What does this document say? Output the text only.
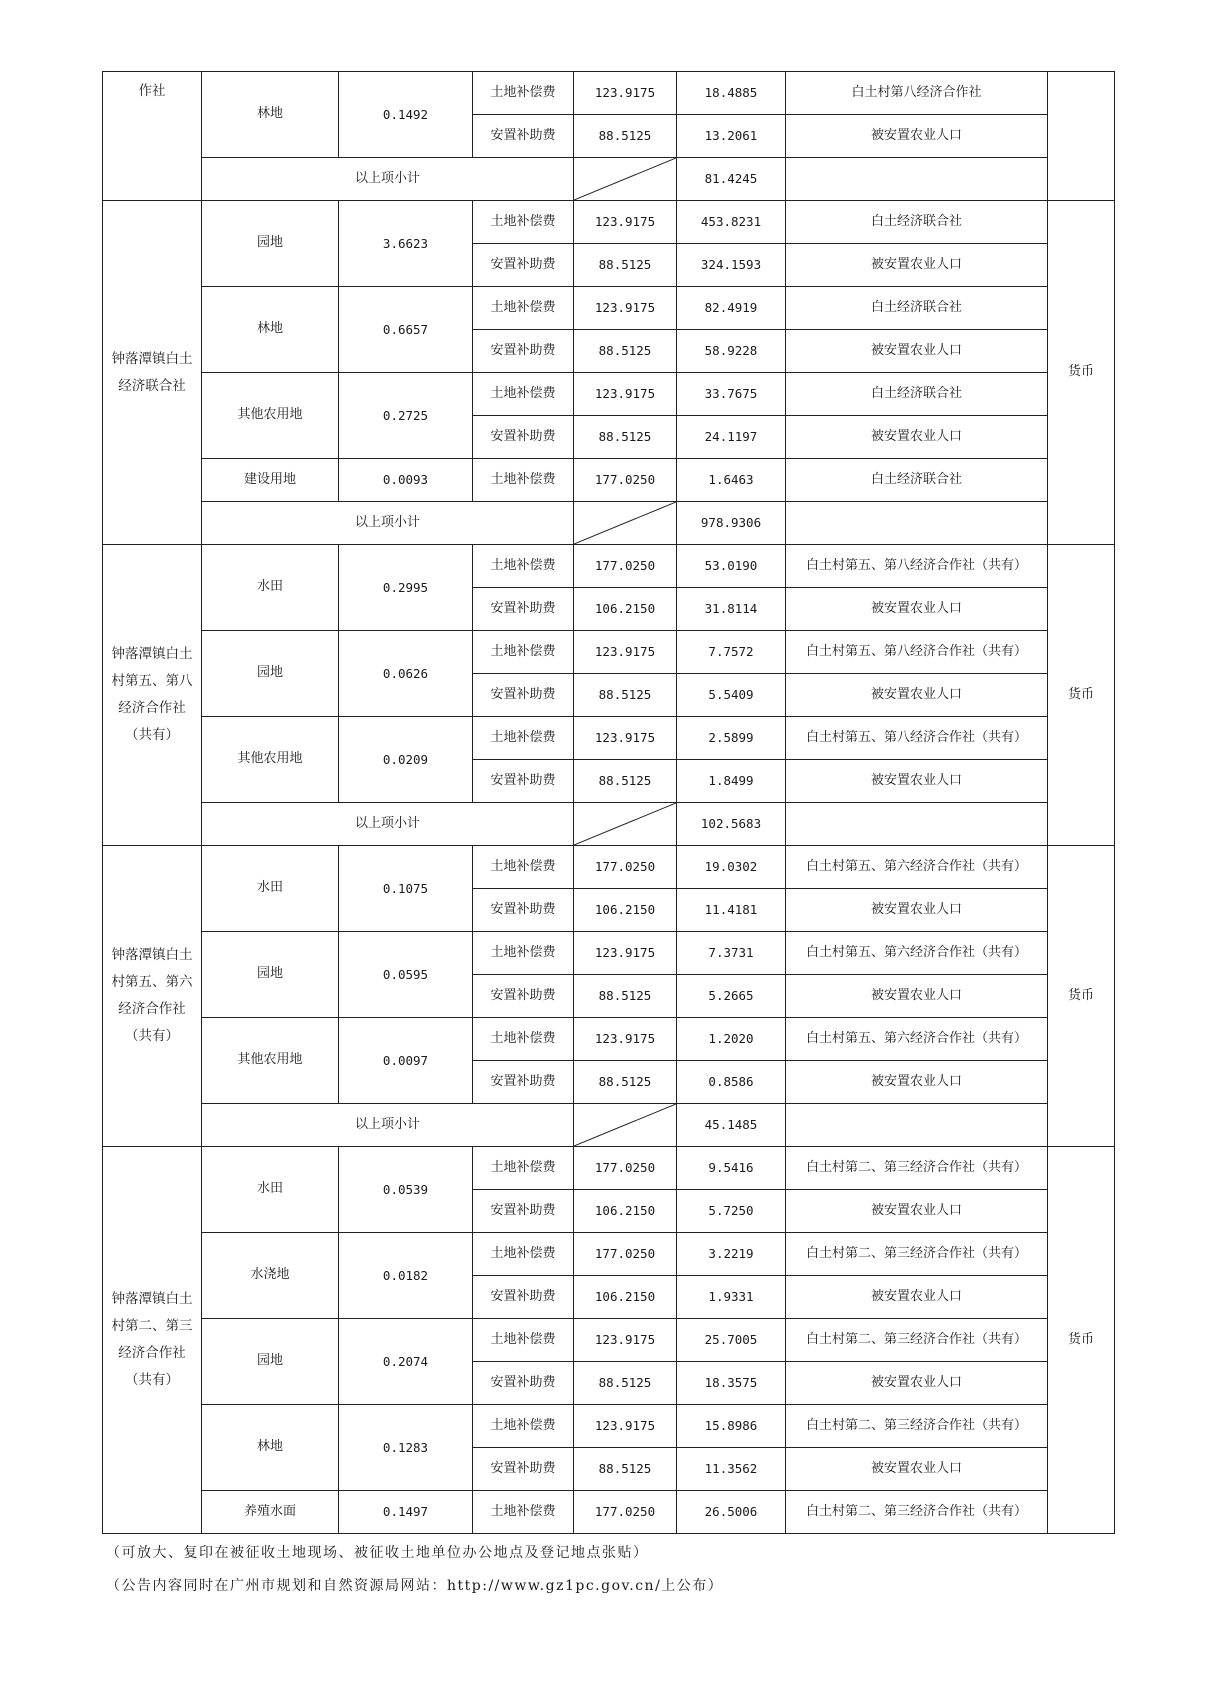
作社	林地	0.1492	土地补偿费	123.9175	18.4885	白土村第八经济合作社	
			安置补助费	88.5125	13.2061	被安置农业人口	
	以上项小计				81.4245		
钟落潭镇白土经济联合社	园地	3.6623	土地补偿费	123.9175	453.8231	白土经济联合社	货币
			安置补助费	88.5125	324.1593	被安置农业人口	
	林地	0.6657	土地补偿费	123.9175	82.4919	白土经济联合社	
			安置补助费	88.5125	58.9228	被安置农业人口	
	其他农用地	0.2725	土地补偿费	123.9175	33.7675	白土经济联合社	
			安置补助费	88.5125	24.1197	被安置农业人口	
	建设用地	0.0093	土地补偿费	177.0250	1.6463	白土经济联合社	
	以上项小计				978.9306		
钟落潭镇白土村第五、第八经济合作社（共有）	水田	0.2995	土地补偿费	177.0250	53.0190	白土村第五、第八经济合作社（共有）	货币
			安置补助费	106.2150	31.8114	被安置农业人口	
	园地	0.0626	土地补偿费	123.9175	7.7572	白土村第五、第八经济合作社（共有）	
			安置补助费	88.5125	5.5409	被安置农业人口	
	其他农用地	0.0209	土地补偿费	123.9175	2.5899	白土村第五、第八经济合作社（共有）	
			安置补助费	88.5125	1.8499	被安置农业人口	
	以上项小计				102.5683		
钟落潭镇白土村第五、第六经济合作社（共有）	水田	0.1075	土地补偿费	177.0250	19.0302	白土村第五、第六经济合作社（共有）	货币
			安置补助费	106.2150	11.4181	被安置农业人口	
	园地	0.0595	土地补偿费	123.9175	7.3731	白土村第五、第六经济合作社（共有）	
			安置补助费	88.5125	5.2665	被安置农业人口	
	其他农用地	0.0097	土地补偿费	123.9175	1.2020	白土村第五、第六经济合作社（共有）	
			安置补助费	88.5125	0.8586	被安置农业人口	
	以上项小计				45.1485		
钟落潭镇白土村第二、第三经济合作社（共有）	水田	0.0539	土地补偿费	177.0250	9.5416	白土村第二、第三经济合作社（共有）	货币
			安置补助费	106.2150	5.7250	被安置农业人口	
	水浇地	0.0182	土地补偿费	177.0250	3.2219	白土村第二、第三经济合作社（共有）	
			安置补助费	106.2150	1.9331	被安置农业人口	
	园地	0.2074	土地补偿费	123.9175	25.7005	白土村第二、第三经济合作社（共有）	
			安置补助费	88.5125	18.3575	被安置农业人口	
	林地	0.1283	土地补偿费	123.9175	15.8986	白土村第二、第三经济合作社（共有）	
			安置补助费	88.5125	11.3562	被安置农业人口	
	养殖水面	0.1497	土地补偿费	177.0250	26.5006	白土村第二、第三经济合作社（共有）	
（可放大、复印在被征收土地现场、被征收土地单位办公地点及登记地点张贴）
（公告内容同时在广州市规划和自然资源局网站：http://www.gz1pc.gov.cn/上公布）
